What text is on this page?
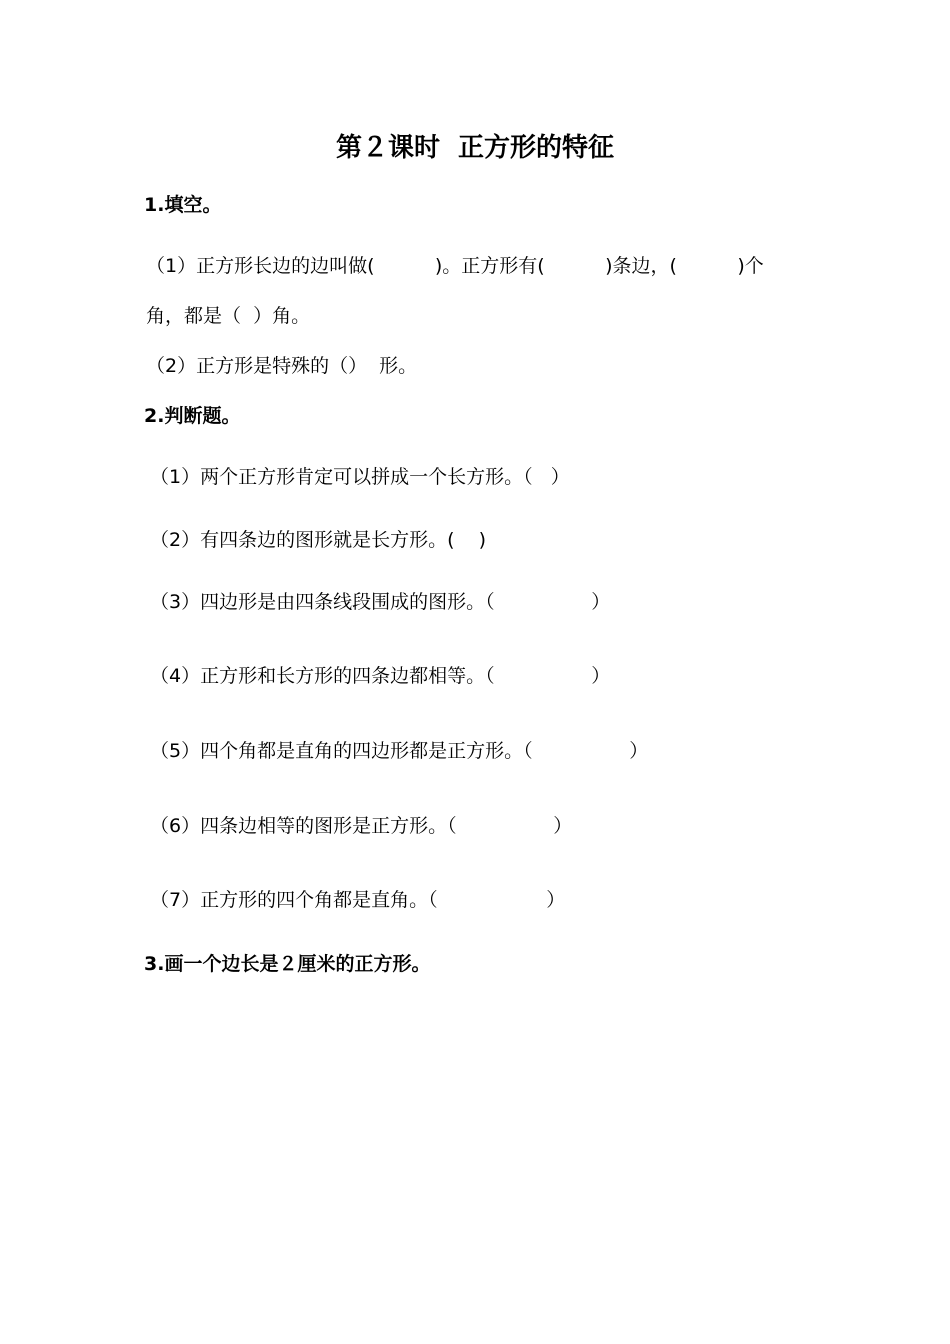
第２课时  正方形的特征
1.填空。
（1）正方形长边的边叫做(          )。正方形有(          )条边，(          )个
角，都是（  ）角。
（2）正方形是特殊的（）  形。
2.判断题。
（1）两个正方形肯定可以拼成一个长方形。（   ）
（2）有四条边的图形就是长方形。(    )
（3）四边形是由四条线段围成的图形。（                ）
（4）正方形和长方形的四条边都相等。（                ）
（5）四个角都是直角的四边形都是正方形。（                ）
（6）四条边相等的图形是正方形。（                ）
（7）正方形的四个角都是直角。（                  ）
3.画一个边长是２厘米的正方形。
